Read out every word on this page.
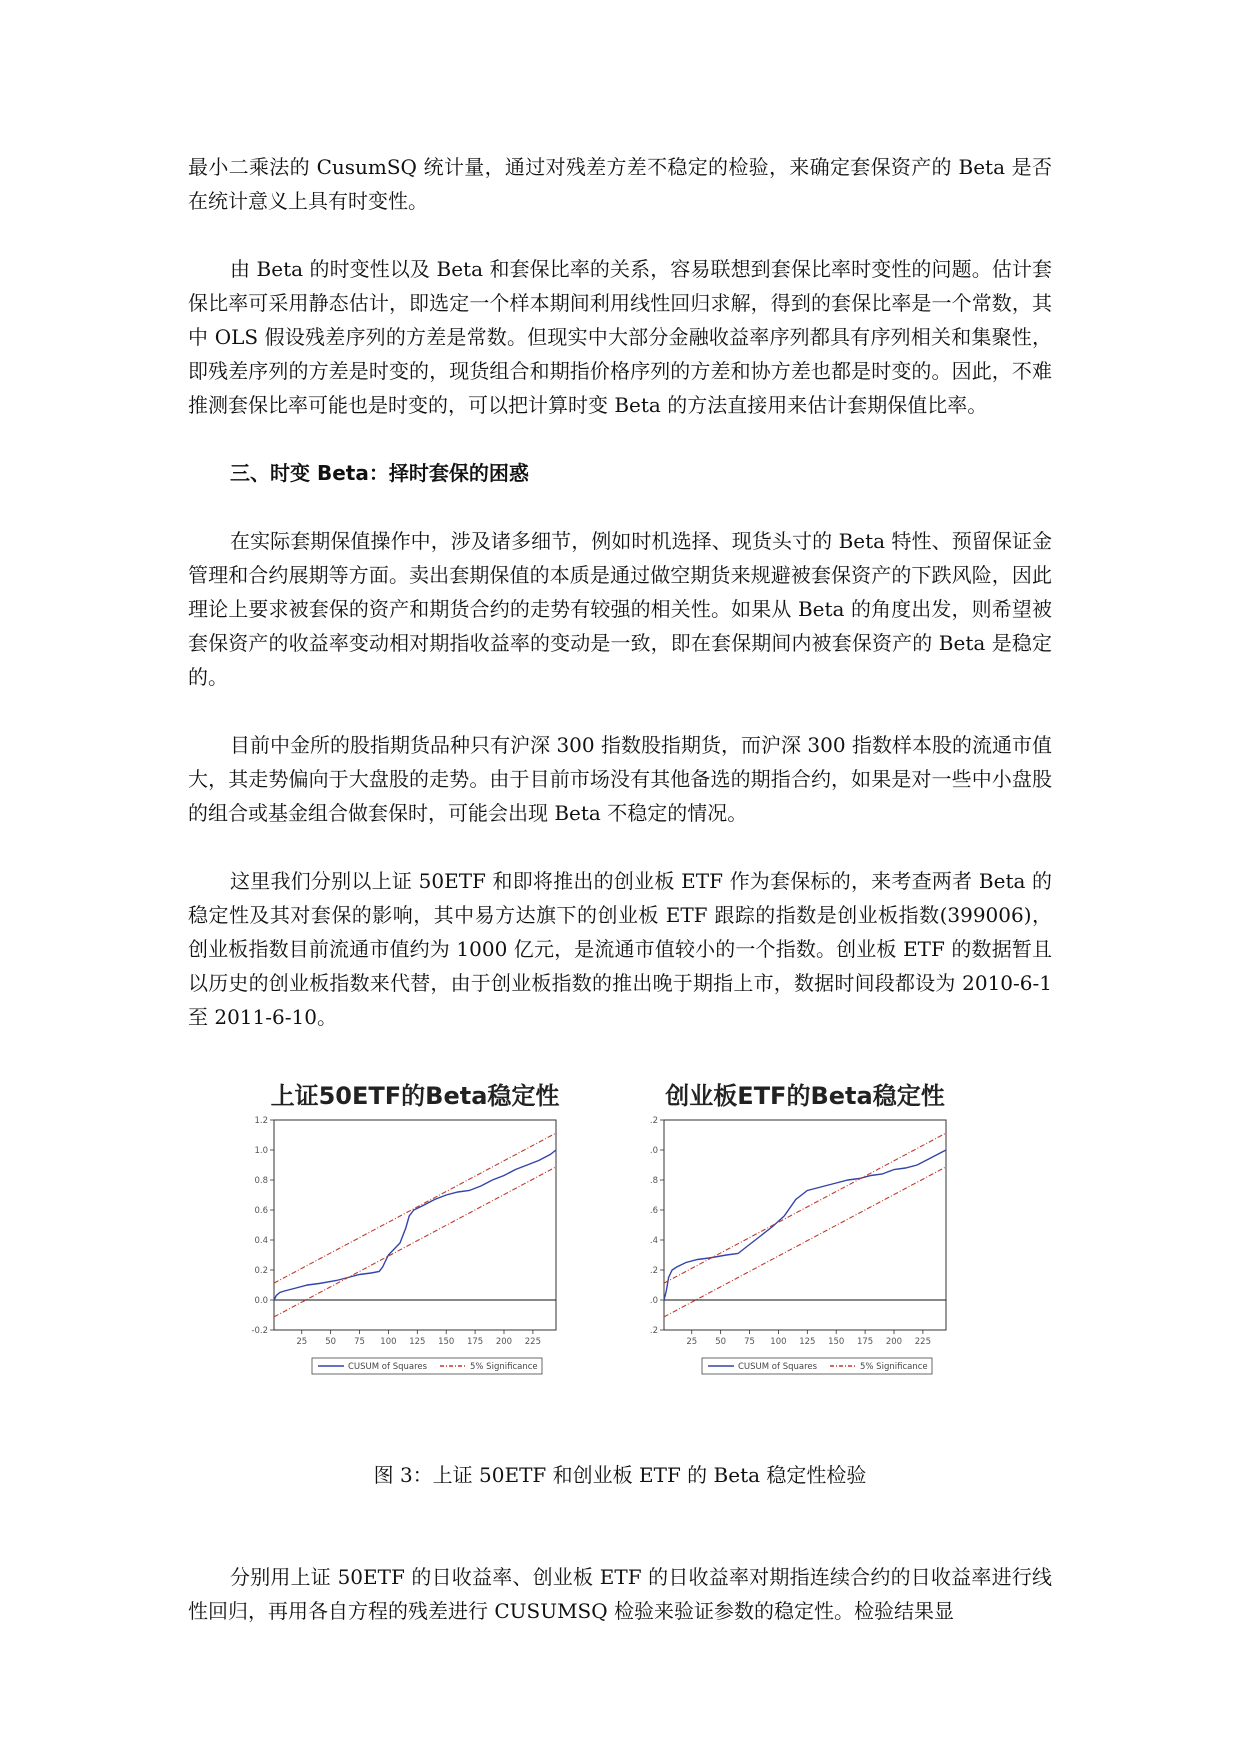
最小二乘法的 CusumSQ 统计量，通过对残差方差不稳定的检验，来确定套保资产的 Beta 是否在统计意义上具有时变性。

由 Beta 的时变性以及 Beta 和套保比率的关系，容易联想到套保比率时变性的问题。估计套保比率可采用静态估计，即选定一个样本期间利用线性回归求解，得到的套保比率是一个常数，其中 OLS 假设残差序列的方差是常数。但现实中大部分金融收益率序列都具有序列相关和集聚性，即残差序列的方差是时变的，现货组合和期指价格序列的方差和协方差也都是时变的。因此，不难推测套保比率可能也是时变的，可以把计算时变 Beta 的方法直接用来估计套期保值比率。

三、时变 Beta：择时套保的困惑

在实际套期保值操作中，涉及诸多细节，例如时机选择、现货头寸的 Beta 特性、预留保证金管理和合约展期等方面。卖出套期保值的本质是通过做空期货来规避被套保资产的下跌风险，因此理论上要求被套保的资产和期货合约的走势有较强的相关性。如果从 Beta 的角度出发，则希望被套保资产的收益率变动相对期指收益率的变动是一致，即在套保期间内被套保资产的 Beta 是稳定的。

目前中金所的股指期货品种只有沪深 300 指数股指期货，而沪深 300 指数样本股的流通市值大，其走势偏向于大盘股的走势。由于目前市场没有其他备选的期指合约，如果是对一些中小盘股的组合或基金组合做套保时，可能会出现 Beta 不稳定的情况。

这里我们分别以上证 50ETF 和即将推出的创业板 ETF 作为套保标的，来考查两者 Beta 的稳定性及其对套保的影响，其中易方达旗下的创业板 ETF 跟踪的指数是创业板指数(399006)，创业板指数目前流通市值约为 1000 亿元，是流通市值较小的一个指数。创业板 ETF 的数据暂且以历史的创业板指数来代替，由于创业板指数的推出晚于期指上市，数据时间段都设为 2010-6-1 至 2011-6-10。

上证50ETF的Beta稳定性
-0.2
0.0
0.2
0.4
0.6
0.8
1.0
1.2
25 50 75 100 125 150 175 200 225
CUSUM of Squares	5% Significance
创业板ETF的Beta稳定性
.2
.0
.8
.6
.4
.2
.0
.2
25 50 75 100 125 150 175 200 225
CUSUM of Squares	5% Significance

图 3：上证 50ETF 和创业板 ETF 的 Beta 稳定性检验

分别用上证 50ETF 的日收益率、创业板 ETF 的日收益率对期指连续合约的日收益率进行线性回归，再用各自方程的残差进行 CUSUMSQ 检验来验证参数的稳定性。检验结果显
